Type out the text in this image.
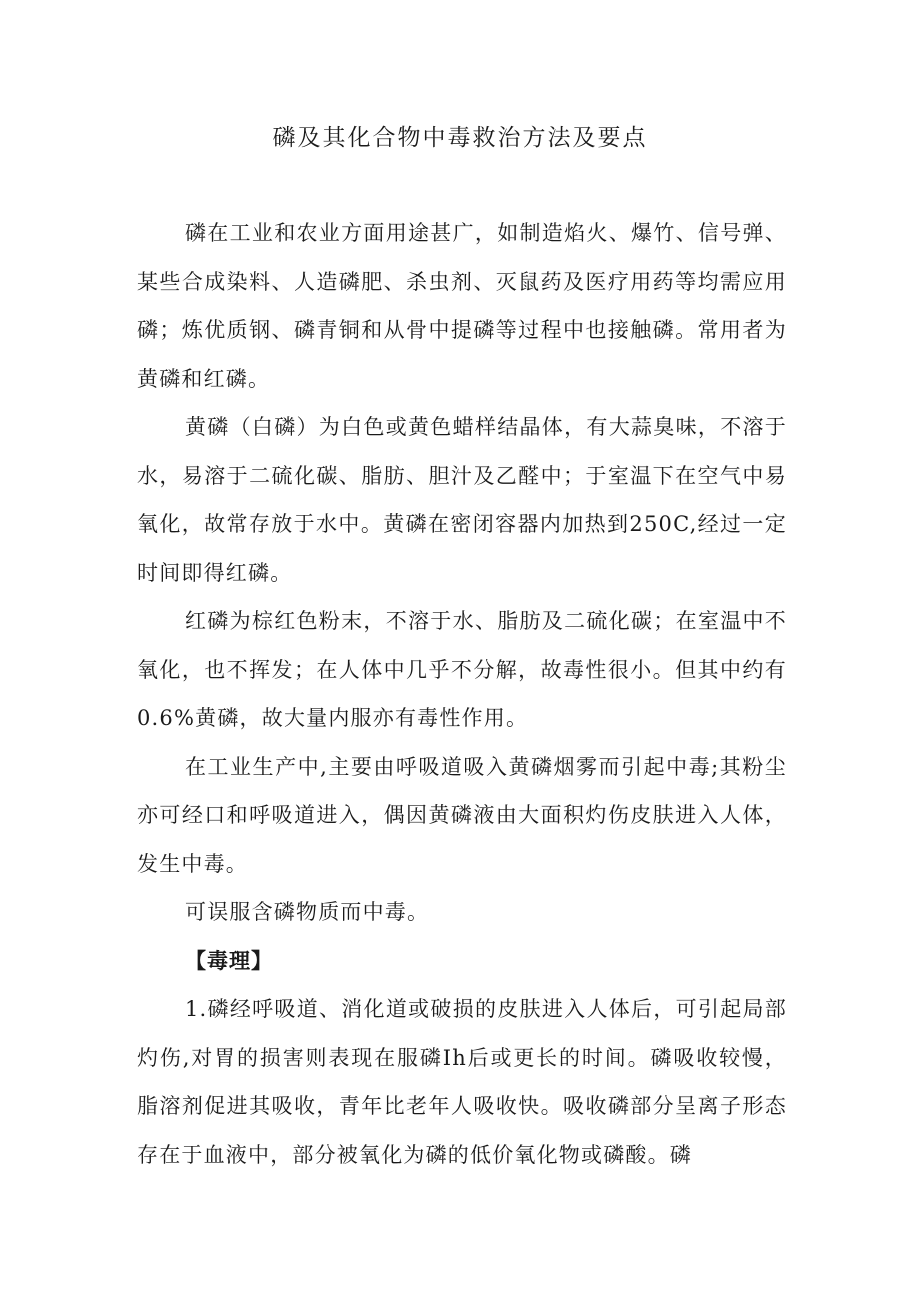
磷及其化合物中毒救治方法及要点

磷在工业和农业方面用途甚广，如制造焰火、爆竹、信号弹、某些合成染料、人造磷肥、杀虫剂、灭鼠药及医疗用药等均需应用磷；炼优质钢、磷青铜和从骨中提磷等过程中也接触磷。常用者为黄磷和红磷。

黄磷（白磷）为白色或黄色蜡样结晶体，有大蒜臭味，不溶于水，易溶于二硫化碳、脂肪、胆汁及乙醛中；于室温下在空气中易氧化，故常存放于水中。黄磷在密闭容器内加热到250C,经过一定时间即得红磷。

红磷为棕红色粉末，不溶于水、脂肪及二硫化碳；在室温中不氧化，也不挥发；在人体中几乎不分解，故毒性很小。但其中约有0.6%黄磷，故大量内服亦有毒性作用。

在工业生产中,主要由呼吸道吸入黄磷烟雾而引起中毒;其粉尘亦可经口和呼吸道进入，偶因黄磷液由大面积灼伤皮肤进入人体，发生中毒。

可误服含磷物质而中毒。

【毒理】

1.磷经呼吸道、消化道或破损的皮肤进入人体后，可引起局部灼伤,对胃的损害则表现在服磷Ih后或更长的时间。磷吸收较慢，脂溶剂促进其吸收，青年比老年人吸收快。吸收磷部分呈离子形态存在于血液中，部分被氧化为磷的低价氧化物或磷酸。磷
